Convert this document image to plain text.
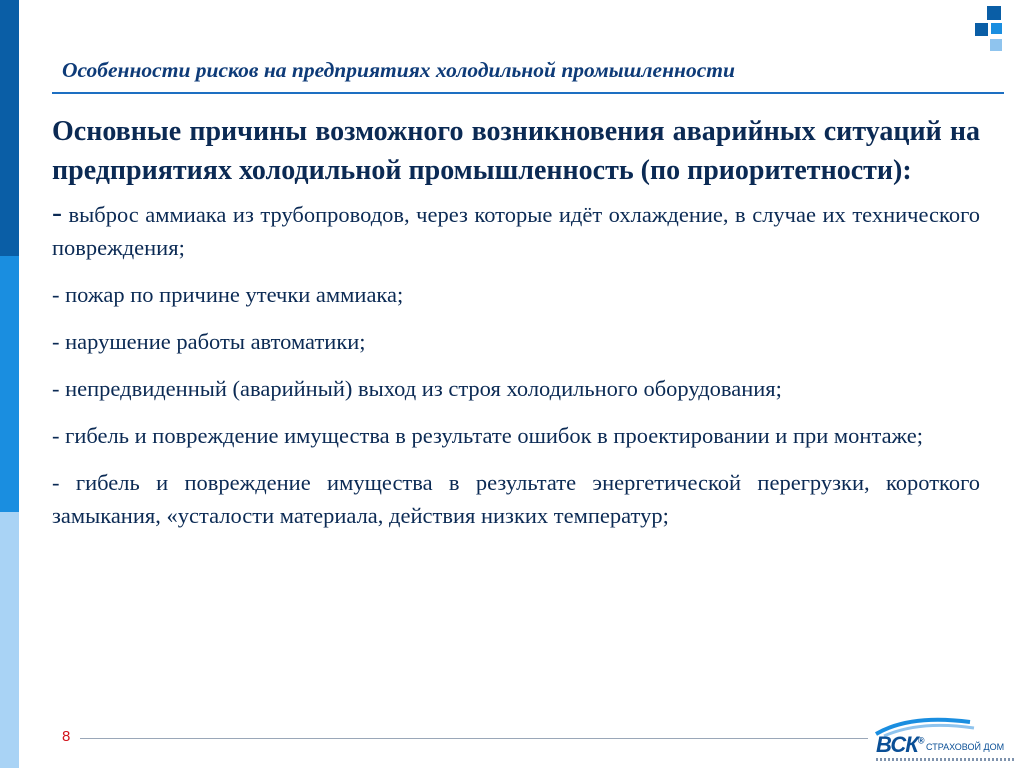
Особенности рисков на предприятиях холодильной промышленности

Основные причины возможного возникновения аварийных ситуаций на предприятиях холодильной промышленность (по приоритетности):

- выброс аммиака из трубопроводов, через которые идёт охлаждение, в случае их технического повреждения;

- пожар по причине утечки аммиака;

- нарушение работы автоматики;

- непредвиденный (аварийный) выход из строя холодильного оборудования;

- гибель и повреждение имущества в результате ошибок в проектировании и при монтаже;

- гибель и повреждение имущества в результате энергетической перегрузки, короткого замыкания, «усталости материала, действия низких температур;

8	ВСК®
СТРАХОВОЙ ДОМ
